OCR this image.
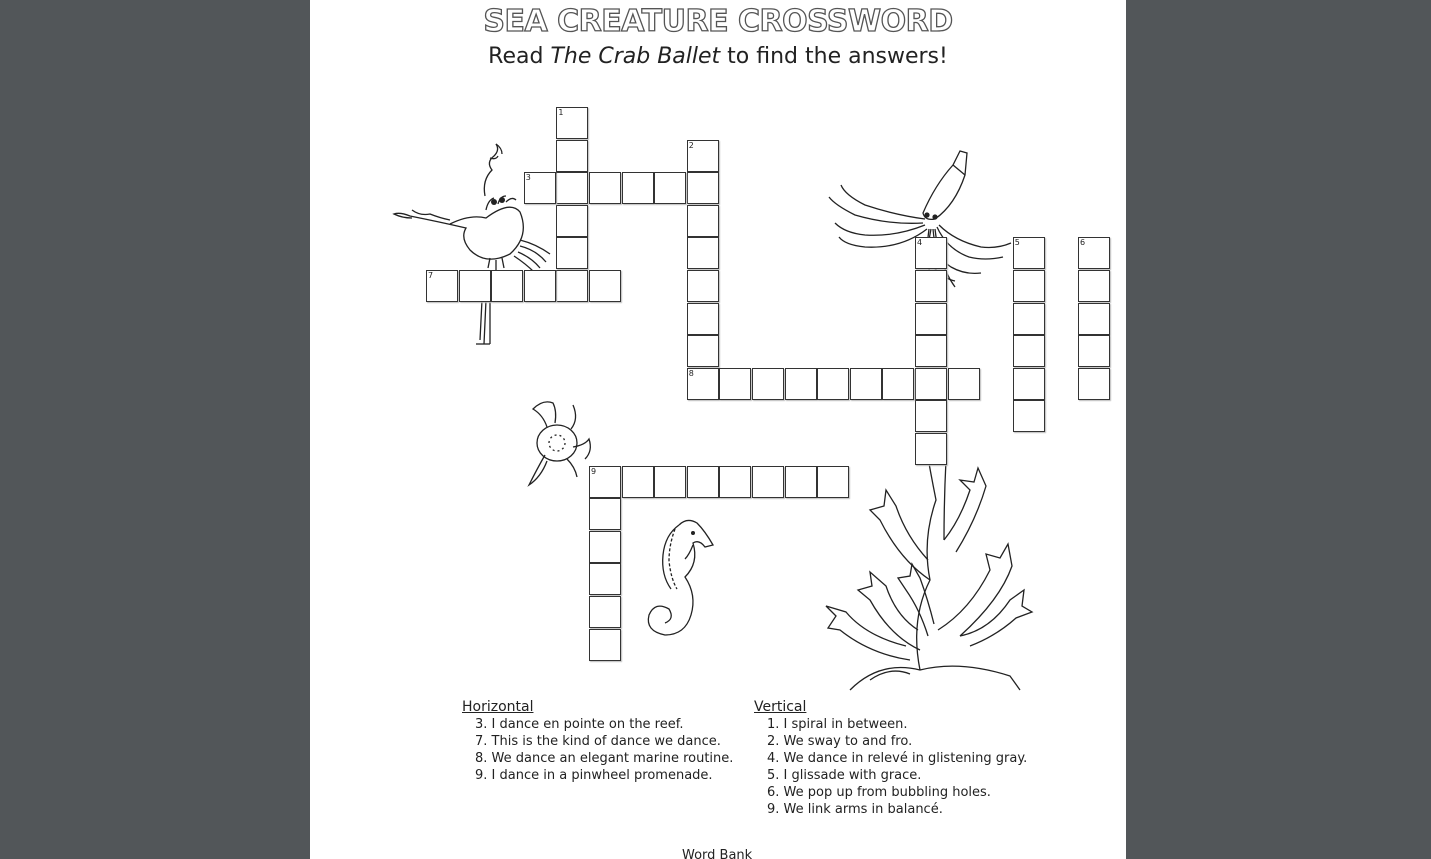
SEA CREATURE CROSSWORD
Read The Crab Ballet to find the answers!
1
2
3
4	5	6
7
8
9
Horizontal
3. I dance en pointe on the reef.
7. This is the kind of dance we dance.
8. We dance an elegant marine routine.
9. I dance in a pinwheel promenade.
Vertical
1. I spiral in between.
2. We sway to and fro.
4. We dance in relevé in glistening gray.
5. I glissade with grace.
6. We pop up from bubbling holes.
9. We link arms in balancé.
Word Bank
